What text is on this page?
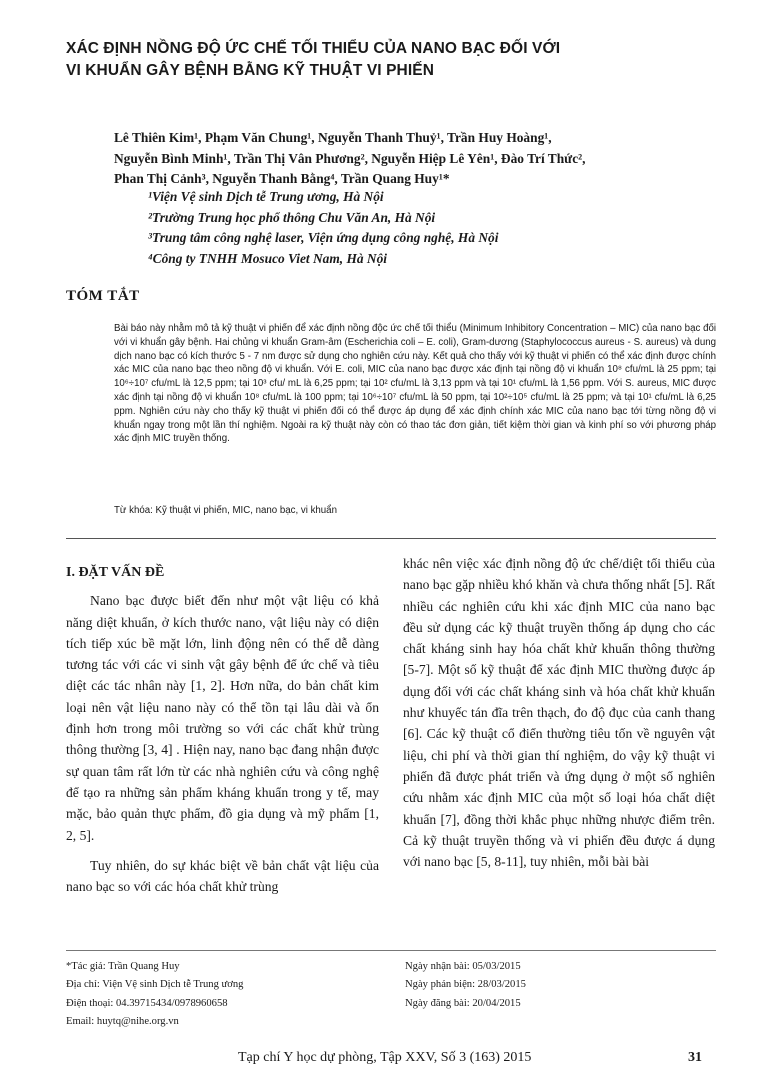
XÁC ĐỊNH NỒNG ĐỘ ỨC CHẾ TỐI THIỂU CỦA NANO BẠC ĐỐI VỚI
VI KHUẨN GÂY BỆNH BẰNG KỸ THUẬT VI PHIẾN
Lê Thiên Kim¹, Phạm Văn Chung¹, Nguyễn Thanh Thuỷ¹, Trần Huy Hoàng¹,
Nguyễn Bình Minh¹, Trần Thị Vân Phương², Nguyễn Hiệp Lê Yên¹, Đào Trí Thức²,
Phan Thị Cảnh³, Nguyễn Thanh Bằng⁴, Trần Quang Huy¹*
¹Viện Vệ sinh Dịch tễ Trung ương, Hà Nội
²Trường Trung học phổ thông Chu Văn An, Hà Nội
³Trung tâm công nghệ laser, Viện ứng dụng công nghệ, Hà Nội
⁴Công ty TNHH Mosuco Viet Nam, Hà Nội
TÓM TẮT

Bài báo này nhằm mô tả kỹ thuật vi phiến để xác định nồng độc ức chế tối thiểu (Minimum Inhibitory Concentration – MIC) của nano bạc đối với vi khuẩn gây bệnh. Hai chủng vi khuẩn Gram-âm (Escherichia coli – E. coli), Gram-dương (Staphylococcus aureus - S. aureus) và dung dịch nano bạc có kích thước 5 - 7 nm được sử dụng cho nghiên cứu này. Kết quả cho thấy với kỹ thuật vi phiến có thể xác định được chính xác MIC của nano bạc theo nồng độ vi khuẩn. Với E. coli, MIC của nano bạc được xác định tại nồng độ vi khuẩn 10⁸ cfu/mL là 25 ppm; tại 10⁶÷10⁷ cfu/mL là 12,5 ppm; tại 10³ cfu/ mL là 6,25 ppm; tại 10² cfu/mL là 3,13 ppm và tại 10¹ cfu/mL là 1,56 ppm. Với S. aureus, MIC được xác định tại nồng độ vi khuẩn 10⁸ cfu/mL là 100 ppm; tại 10⁶÷10⁷ cfu/mL là 50 ppm, tại 10²÷10⁵ cfu/mL là 25 ppm; và tại 10¹ cfu/mL là 6,25 ppm. Nghiên cứu này cho thấy kỹ thuật vi phiến đối có thể được áp dụng để xác định chính xác MIC của nano bạc tới từng nồng độ vi khuẩn ngay trong một lần thí nghiệm. Ngoài ra kỹ thuật này còn có thao tác đơn giản, tiết kiệm thời gian và kinh phí so với phương pháp xác định MIC truyền thống.

Từ khóa: Kỹ thuật vi phiến, MIC, nano bạc, vi khuẩn
I. ĐẶT VẤN ĐỀ

Nano bạc được biết đến như một vật liệu có khả năng diệt khuẩn, ở kích thước nano, vật liệu này có diện tích tiếp xúc bề mặt lớn, linh động nên có thể dễ dàng tương tác với các vi sinh vật gây bệnh để ức chế và tiêu diệt các tác nhân này [1, 2]. Hơn nữa, do bản chất kim loại nên vật liệu nano này có thể tồn tại lâu dài và ổn định hơn trong môi trường so với các chất khử trùng thông thường [3, 4] . Hiện nay, nano bạc đang nhận được sự quan tâm rất lớn từ các nhà nghiên cứu và công nghệ để tạo ra những sản phẩm kháng khuẩn trong y tế, may mặc, bảo quản thực phẩm, đồ gia dụng và mỹ phẩm [1, 2, 5].

Tuy nhiên, do sự khác biệt về bản chất vật liệu của nano bạc so với các hóa chất khử trùng

khác nên việc xác định nồng độ ức chế/diệt tối thiểu của nano bạc gặp nhiều khó khăn và chưa thống nhất [5]. Rất nhiều các nghiên cứu khi xác định MIC của nano bạc đều sử dụng các kỹ thuật truyền thống áp dụng cho các chất kháng sinh hay hóa chất khử khuẩn thông thường [5-7]. Một số kỹ thuật để xác định MIC thường được áp dụng đối với các chất kháng sinh và hóa chất khử khuẩn như khuyếc tán đĩa trên thạch, đo độ đục của canh thang [6]. Các kỹ thuật cổ điển thường tiêu tốn về nguyên vật liệu, chi phí và thời gian thí nghiệm, do vậy kỹ thuật vi phiến đã được phát triển và ứng dụng ở một số nghiên cứu nhằm xác định MIC của một số loại hóa chất diệt khuẩn [7], đồng thời khắc phục những nhược điểm trên. Cả kỹ thuật truyền thống và vi phiến đều được á dụng với nano bạc [5, 8-11], tuy nhiên, mỗi bài bài

*Tác giả: Trần Quang Huy
Địa chỉ: Viện Vệ sinh Dịch tễ Trung ương
Điện thoại: 04.39715434/0978960658
Email: huytq@nihe.org.vn
Ngày nhận bài: 05/03/2015
Ngày phản biện: 28/03/2015
Ngày đăng bài: 20/04/2015
Tạp chí Y học dự phòng, Tập XXV, Số 3 (163) 2015	31
